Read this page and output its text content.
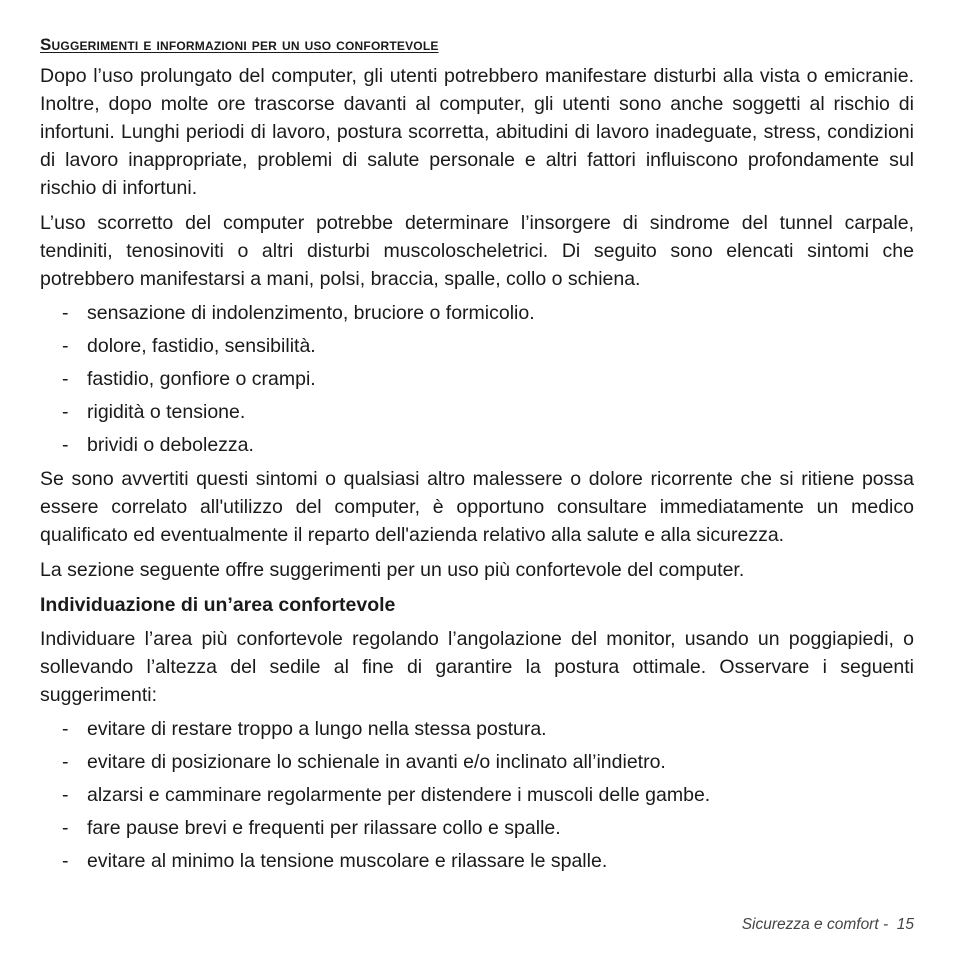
Suggerimenti e informazioni per un uso confortevole

Dopo l’uso prolungato del computer, gli utenti potrebbero manifestare disturbi alla vista o emicranie. Inoltre, dopo molte ore trascorse davanti al computer, gli utenti sono anche soggetti al rischio di infortuni. Lunghi periodi di lavoro, postura scorretta, abitudini di lavoro inadeguate, stress, condizioni di lavoro inappropriate, problemi di salute personale e altri fattori influiscono profondamente sul rischio di infortuni.

L’uso scorretto del computer potrebbe determinare l’insorgere di sindrome del tunnel carpale, tendiniti, tenosinoviti o altri disturbi muscoloscheletrici. Di seguito sono elencati sintomi che potrebbero manifestarsi a mani, polsi, braccia, spalle, collo o schiena.

- sensazione di indolenzimento, bruciore o formicolio.
- dolore, fastidio, sensibilità.
- fastidio, gonfiore o crampi.
- rigidità o tensione.
- brividi o debolezza.

Se sono avvertiti questi sintomi o qualsiasi altro malessere o dolore ricorrente che si ritiene possa essere correlato all'utilizzo del computer, è opportuno consultare immediatamente un medico qualificato ed eventualmente il reparto dell'azienda relativo alla salute e alla sicurezza.

La sezione seguente offre suggerimenti per un uso più confortevole del computer.

Individuazione di un’area confortevole

Individuare l’area più confortevole regolando l’angolazione del monitor, usando un poggiapiedi, o sollevando l’altezza del sedile al fine di garantire la postura ottimale. Osservare i seguenti suggerimenti:

- evitare di restare troppo a lungo nella stessa postura.
- evitare di posizionare lo schienale in avanti e/o inclinato all’indietro.
- alzarsi e camminare regolarmente per distendere i muscoli delle gambe.
- fare pause brevi e frequenti per rilassare collo e spalle.
- evitare al minimo la tensione muscolare e rilassare le spalle.
Sicurezza e comfort -  15
